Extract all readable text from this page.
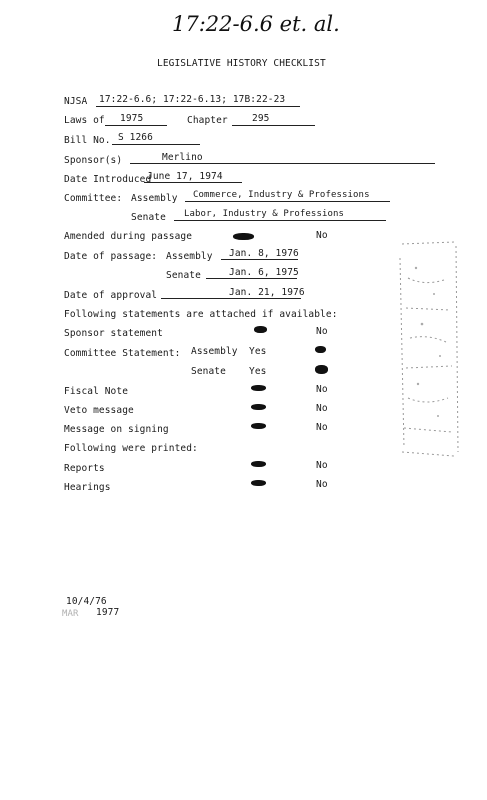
17:22-6.6 et. al.
LEGISLATIVE HISTORY CHECKLIST
NJSA 17:22-6.6; 17:22-6.13; 17B:22-23
Laws of 1975	Chapter	295
Bill No. S 1266
Sponsor(s)	Merlino
Date Introduced
June 17, 1974
Committee: Assembly Commerce, Industry & Professions
Senate Labor, Industry & Professions
Amended during passage	No
Date of passage: Assembly Jan. 8, 1976
Senate	Jan. 6, 1975
Date of approval	Jan. 21, 1976
Following statements are attached if available:
Sponsor statement	No
Committee Statement: Assembly Yes
Senate Yes
Fiscal Note	No
Veto message	No
Message on signing	No
Following were printed:
Reports	No
Hearings	No
10/4/76
MAR 1977
